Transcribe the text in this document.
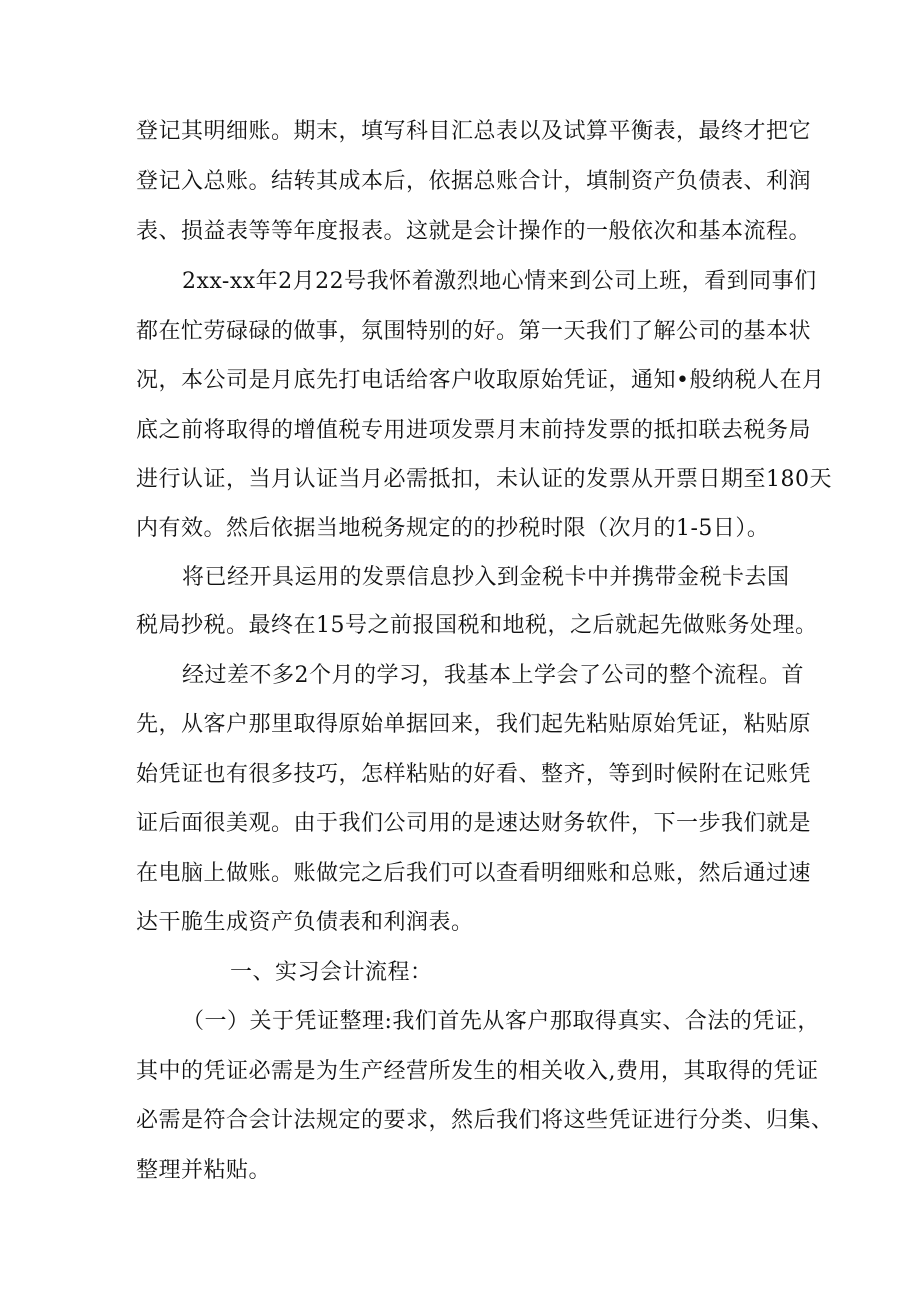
登记其明细账。期末，填写科目汇总表以及试算平衡表，最终才把它
登记入总账。结转其成本后，依据总账合计，填制资产负债表、利润
表、损益表等等年度报表。这就是会计操作的一般依次和基本流程。
2xx-xx年2月22号我怀着激烈地心情来到公司上班，看到同事们
都在忙劳碌碌的做事，氛围特别的好。第一天我们了解公司的基本状
况，本公司是月底先打电话给客户收取原始凭证，通知•般纳税人在月
底之前将取得的增值税专用进项发票月末前持发票的抵扣联去税务局
进行认证，当月认证当月必需抵扣，未认证的发票从开票日期至180天
内有效。然后依据当地税务规定的的抄税时限（次月的1-5日）。
将已经开具运用的发票信息抄入到金税卡中并携带金税卡去国
税局抄税。最终在15号之前报国税和地税，之后就起先做账务处理。
经过差不多2个月的学习，我基本上学会了公司的整个流程。首
先，从客户那里取得原始单据回来，我们起先粘贴原始凭证，粘贴原
始凭证也有很多技巧，怎样粘贴的好看、整齐，等到时候附在记账凭
证后面很美观。由于我们公司用的是速达财务软件，下一步我们就是
在电脑上做账。账做完之后我们可以查看明细账和总账，然后通过速
达干脆生成资产负债表和利润表。
一、实习会计流程：
（一）关于凭证整理:我们首先从客户那取得真实、合法的凭证，
其中的凭证必需是为生产经营所发生的相关收入,费用，其取得的凭证
必需是符合会计法规定的要求，然后我们将这些凭证进行分类、归集、
整理并粘贴。
